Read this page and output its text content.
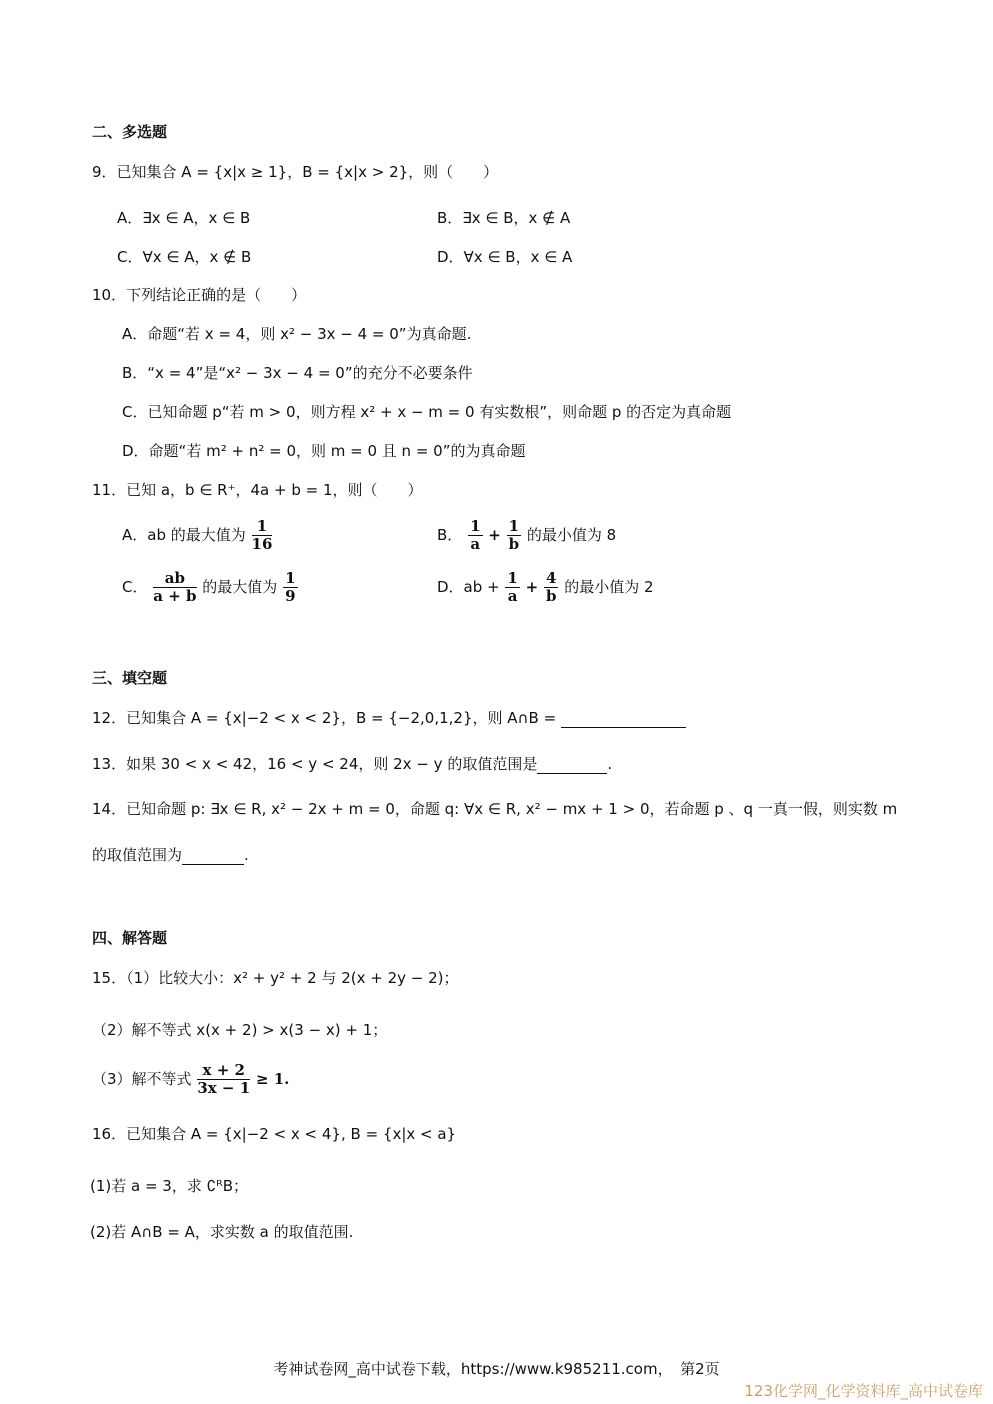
二、多选题
9．已知集合 A = {x|x ≥ 1}，B = {x|x > 2}，则（　　）
A．∃x ∈ A，x ∈ B	B．∃x ∈ B，x ∉ A
C．∀x ∈ A，x ∉ B	D．∀x ∈ B，x ∈ A
10．下列结论正确的是（　　）
A．命题“若 x = 4，则 x² − 3x − 4 = 0”为真命题.
B．“x = 4”是“x² − 3x − 4 = 0”的充分不必要条件
C．已知命题 p“若 m > 0，则方程 x² + x − m = 0 有实数根”，则命题 p 的否定为真命题
D．命题“若 m² + n² = 0，则 m = 0 且 n = 0”的为真命题
11．已知 a，b ∈ R⁺，4a + b = 1，则（　　）
A．ab 的最大值为 $\frac{1}{16}$	B． $\frac{1}{a} + \frac{1}{b}$ 的最小值为 8
C． $\frac{ab}{a + b}$ 的最大值为 $\frac{1}{9}$	D．ab + $\frac{1}{a} + \frac{4}{b}$ 的最小值为 2
三、填空题
12．已知集合 A = {x|−2 < x < 2}，B = {−2,0,1,2}，则 A∩B =
13．如果 30 < x < 42，16 < y < 24，则 2x − y 的取值范围是	.
14．已知命题 p: ∃x ∈ R, x² − 2x + m = 0，命题 q: ∀x ∈ R, x² − mx + 1 > 0，若命题 p 、q 一真一假，则实数 m
的取值范围为	.
四、解答题
15．（1）比较大小：x² + y² + 2 与 2(x + 2y − 2)；
（2）解不等式 x(x + 2) > x(3 − x) + 1；
（3）解不等式 $\frac{x + 2}{3x - 1} \ge 1$.
16．已知集合 A = {x|−2 < x < 4}, B = {x|x < a}
(1)若 a = 3，求 ∁ᴿB；
(2)若 A∩B = A，求实数 a 的取值范围.
考神试卷网_高中试卷下载，https://www.k985211.com，　第2页
123化学网_化学资料库_高中试卷库
